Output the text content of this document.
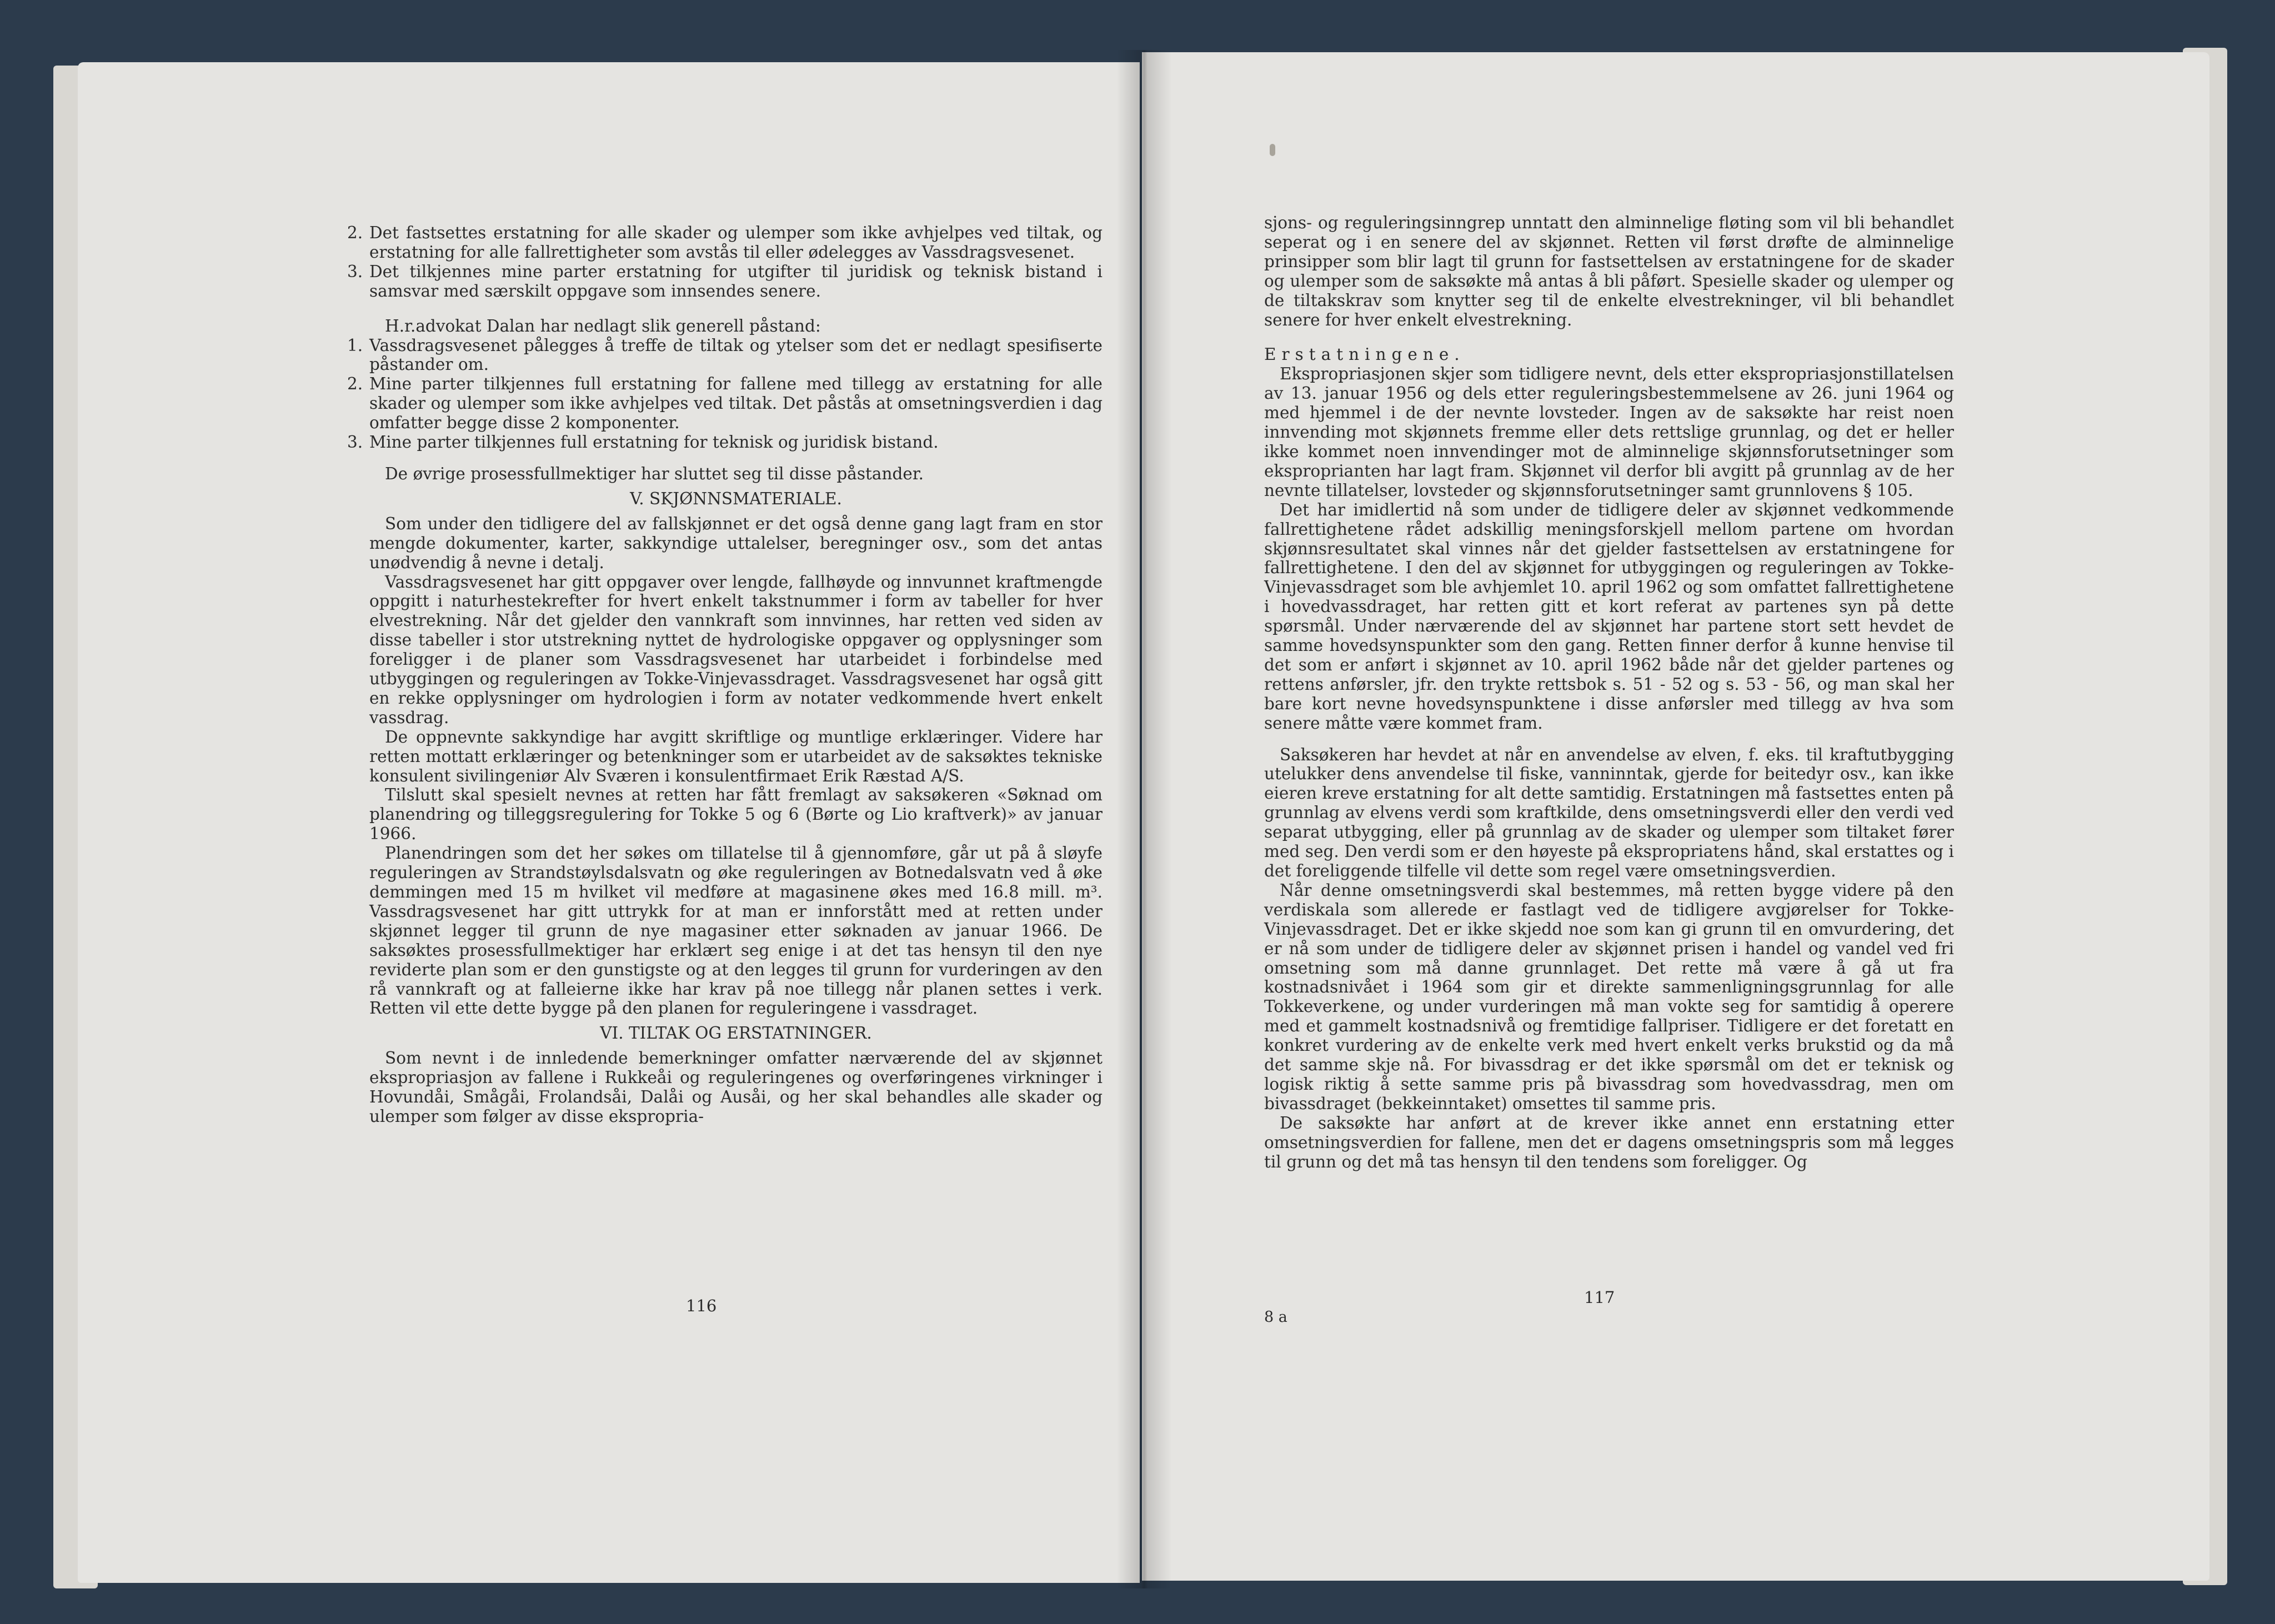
2. Det fastsettes erstatning for alle skader og ulemper som ikke avhjelpes ved tiltak, og erstatning for alle fallrettigheter som avstås til eller ødelegges av Vassdragsvesenet.
3. Det tilkjennes mine parter erstatning for utgifter til juridisk og teknisk bistand i samsvar med særskilt oppgave som innsendes senere.

H.r.advokat Dalan har nedlagt slik generell påstand:

1. Vassdragsvesenet pålegges å treffe de tiltak og ytelser som det er nedlagt spesifiserte påstander om.
2. Mine parter tilkjennes full erstatning for fallene med tillegg av erstatning for alle skader og ulemper som ikke avhjelpes ved tiltak. Det påstås at omsetningsverdien i dag omfatter begge disse 2 komponenter.
3. Mine parter tilkjennes full erstatning for teknisk og juridisk bistand.

De øvrige prosessfullmektiger har sluttet seg til disse påstander.

V. SKJØNNSMATERIALE.

Som under den tidligere del av fallskjønnet er det også denne gang lagt fram en stor mengde dokumenter, karter, sakkyndige uttalelser, beregninger osv., som det antas unødvendig å nevne i detalj.

Vassdragsvesenet har gitt oppgaver over lengde, fallhøyde og innvunnet kraftmengde oppgitt i naturhestekrefter for hvert enkelt takstnummer i form av tabeller for hver elvestrekning. Når det gjelder den vannkraft som innvinnes, har retten ved siden av disse tabeller i stor utstrekning nyttet de hydrologiske oppgaver og opplysninger som foreligger i de planer som Vassdragsvesenet har utarbeidet i forbindelse med utbyggingen og reguleringen av Tokke-Vinjevassdraget. Vassdragsvesenet har også gitt en rekke opplysninger om hydrologien i form av notater vedkommende hvert enkelt vassdrag.

De oppnevnte sakkyndige har avgitt skriftlige og muntlige erklæringer. Videre har retten mottatt erklæringer og betenkninger som er utarbeidet av de saksøktes tekniske konsulent sivilingeniør Alv Sværen i konsulentfirmaet Erik Ræstad A/S.

Tilslutt skal spesielt nevnes at retten har fått fremlagt av saksøkeren «Søknad om planendring og tilleggsregulering for Tokke 5 og 6 (Børte og Lio kraftverk)» av januar 1966.

Planendringen som det her søkes om tillatelse til å gjennomføre, går ut på å sløyfe reguleringen av Strandstøylsdalsvatn og øke reguleringen av Botnedalsvatn ved å øke demmingen med 15 m hvilket vil medføre at magasinene økes med 16.8 mill. m³. Vassdragsvesenet har gitt uttrykk for at man er innforstått med at retten under skjønnet legger til grunn de nye magasiner etter søknaden av januar 1966. De saksøktes prosessfullmektiger har erklært seg enige i at det tas hensyn til den nye reviderte plan som er den gunstigste og at den legges til grunn for vurderingen av den rå vannkraft og at falleierne ikke har krav på noe tillegg når planen settes i verk. Retten vil ette dette bygge på den planen for reguleringene i vassdraget.

VI. TILTAK OG ERSTATNINGER.

Som nevnt i de innledende bemerkninger omfatter nærværende del av skjønnet ekspropriasjon av fallene i Rukkeåi og reguleringenes og overføringenes virkninger i Hovundåi, Smågåi, Frolandsåi, Dalåi og Ausåi, og her skal behandles alle skader og ulemper som følger av disse ekspropria-

116

sjons- og reguleringsinngrep unntatt den alminnelige fløting som vil bli behandlet seperat og i en senere del av skjønnet. Retten vil først drøfte de alminnelige prinsipper som blir lagt til grunn for fastsettelsen av erstatningene for de skader og ulemper som de saksøkte må antas å bli påført. Spesielle skader og ulemper og de tiltakskrav som knytter seg til de enkelte elvestrekninger, vil bli behandlet senere for hver enkelt elvestrekning.

Erstatningene.

Ekspropriasjonen skjer som tidligere nevnt, dels etter ekspropriasjonstillatelsen av 13. januar 1956 og dels etter reguleringsbestemmelsene av 26. juni 1964 og med hjemmel i de der nevnte lovsteder. Ingen av de saksøkte har reist noen innvending mot skjønnets fremme eller dets rettslige grunnlag, og det er heller ikke kommet noen innvendinger mot de alminnelige skjønnsforutsetninger som eksproprianten har lagt fram. Skjønnet vil derfor bli avgitt på grunnlag av de her nevnte tillatelser, lovsteder og skjønnsforutsetninger samt grunnlovens § 105.

Det har imidlertid nå som under de tidligere deler av skjønnet vedkommende fallrettighetene rådet adskillig meningsforskjell mellom partene om hvordan skjønnsresultatet skal vinnes når det gjelder fastsettelsen av erstatningene for fallrettighetene. I den del av skjønnet for utbyggingen og reguleringen av Tokke-Vinjevassdraget som ble avhjemlet 10. april 1962 og som omfattet fallrettighetene i hovedvassdraget, har retten gitt et kort referat av partenes syn på dette spørsmål. Under nærværende del av skjønnet har partene stort sett hevdet de samme hovedsynspunkter som den gang. Retten finner derfor å kunne henvise til det som er anført i skjønnet av 10. april 1962 både når det gjelder partenes og rettens anførsler, jfr. den trykte rettsbok s. 51 - 52 og s. 53 - 56, og man skal her bare kort nevne hovedsynspunktene i disse anførsler med tillegg av hva som senere måtte være kommet fram.

Saksøkeren har hevdet at når en anvendelse av elven, f. eks. til kraftutbygging utelukker dens anvendelse til fiske, vanninntak, gjerde for beitedyr osv., kan ikke eieren kreve erstatning for alt dette samtidig. Erstatningen må fastsettes enten på grunnlag av elvens verdi som kraftkilde, dens omsetningsverdi eller den verdi ved separat utbygging, eller på grunnlag av de skader og ulemper som tiltaket fører med seg. Den verdi som er den høyeste på ekspropriatens hånd, skal erstattes og i det foreliggende tilfelle vil dette som regel være omsetningsverdien.

Når denne omsetningsverdi skal bestemmes, må retten bygge videre på den verdiskala som allerede er fastlagt ved de tidligere avgjørelser for Tokke-Vinjevassdraget. Det er ikke skjedd noe som kan gi grunn til en omvurdering, det er nå som under de tidligere deler av skjønnet prisen i handel og vandel ved fri omsetning som må danne grunnlaget. Det rette må være å gå ut fra kostnadsnivået i 1964 som gir et direkte sammenligningsgrunnlag for alle Tokkeverkene, og under vurderingen må man vokte seg for samtidig å operere med et gammelt kostnadsnivå og fremtidige fallpriser. Tidligere er det foretatt en konkret vurdering av de enkelte verk med hvert enkelt verks brukstid og da må det samme skje nå. For bivassdrag er det ikke spørsmål om det er teknisk og logisk riktig å sette samme pris på bivassdrag som hovedvassdrag, men om bivassdraget (bekkeinntaket) omsettes til samme pris.

De saksøkte har anført at de krever ikke annet enn erstatning etter omsetningsverdien for fallene, men det er dagens omsetningspris som må legges til grunn og det må tas hensyn til den tendens som foreligger. Og

117
8 a
